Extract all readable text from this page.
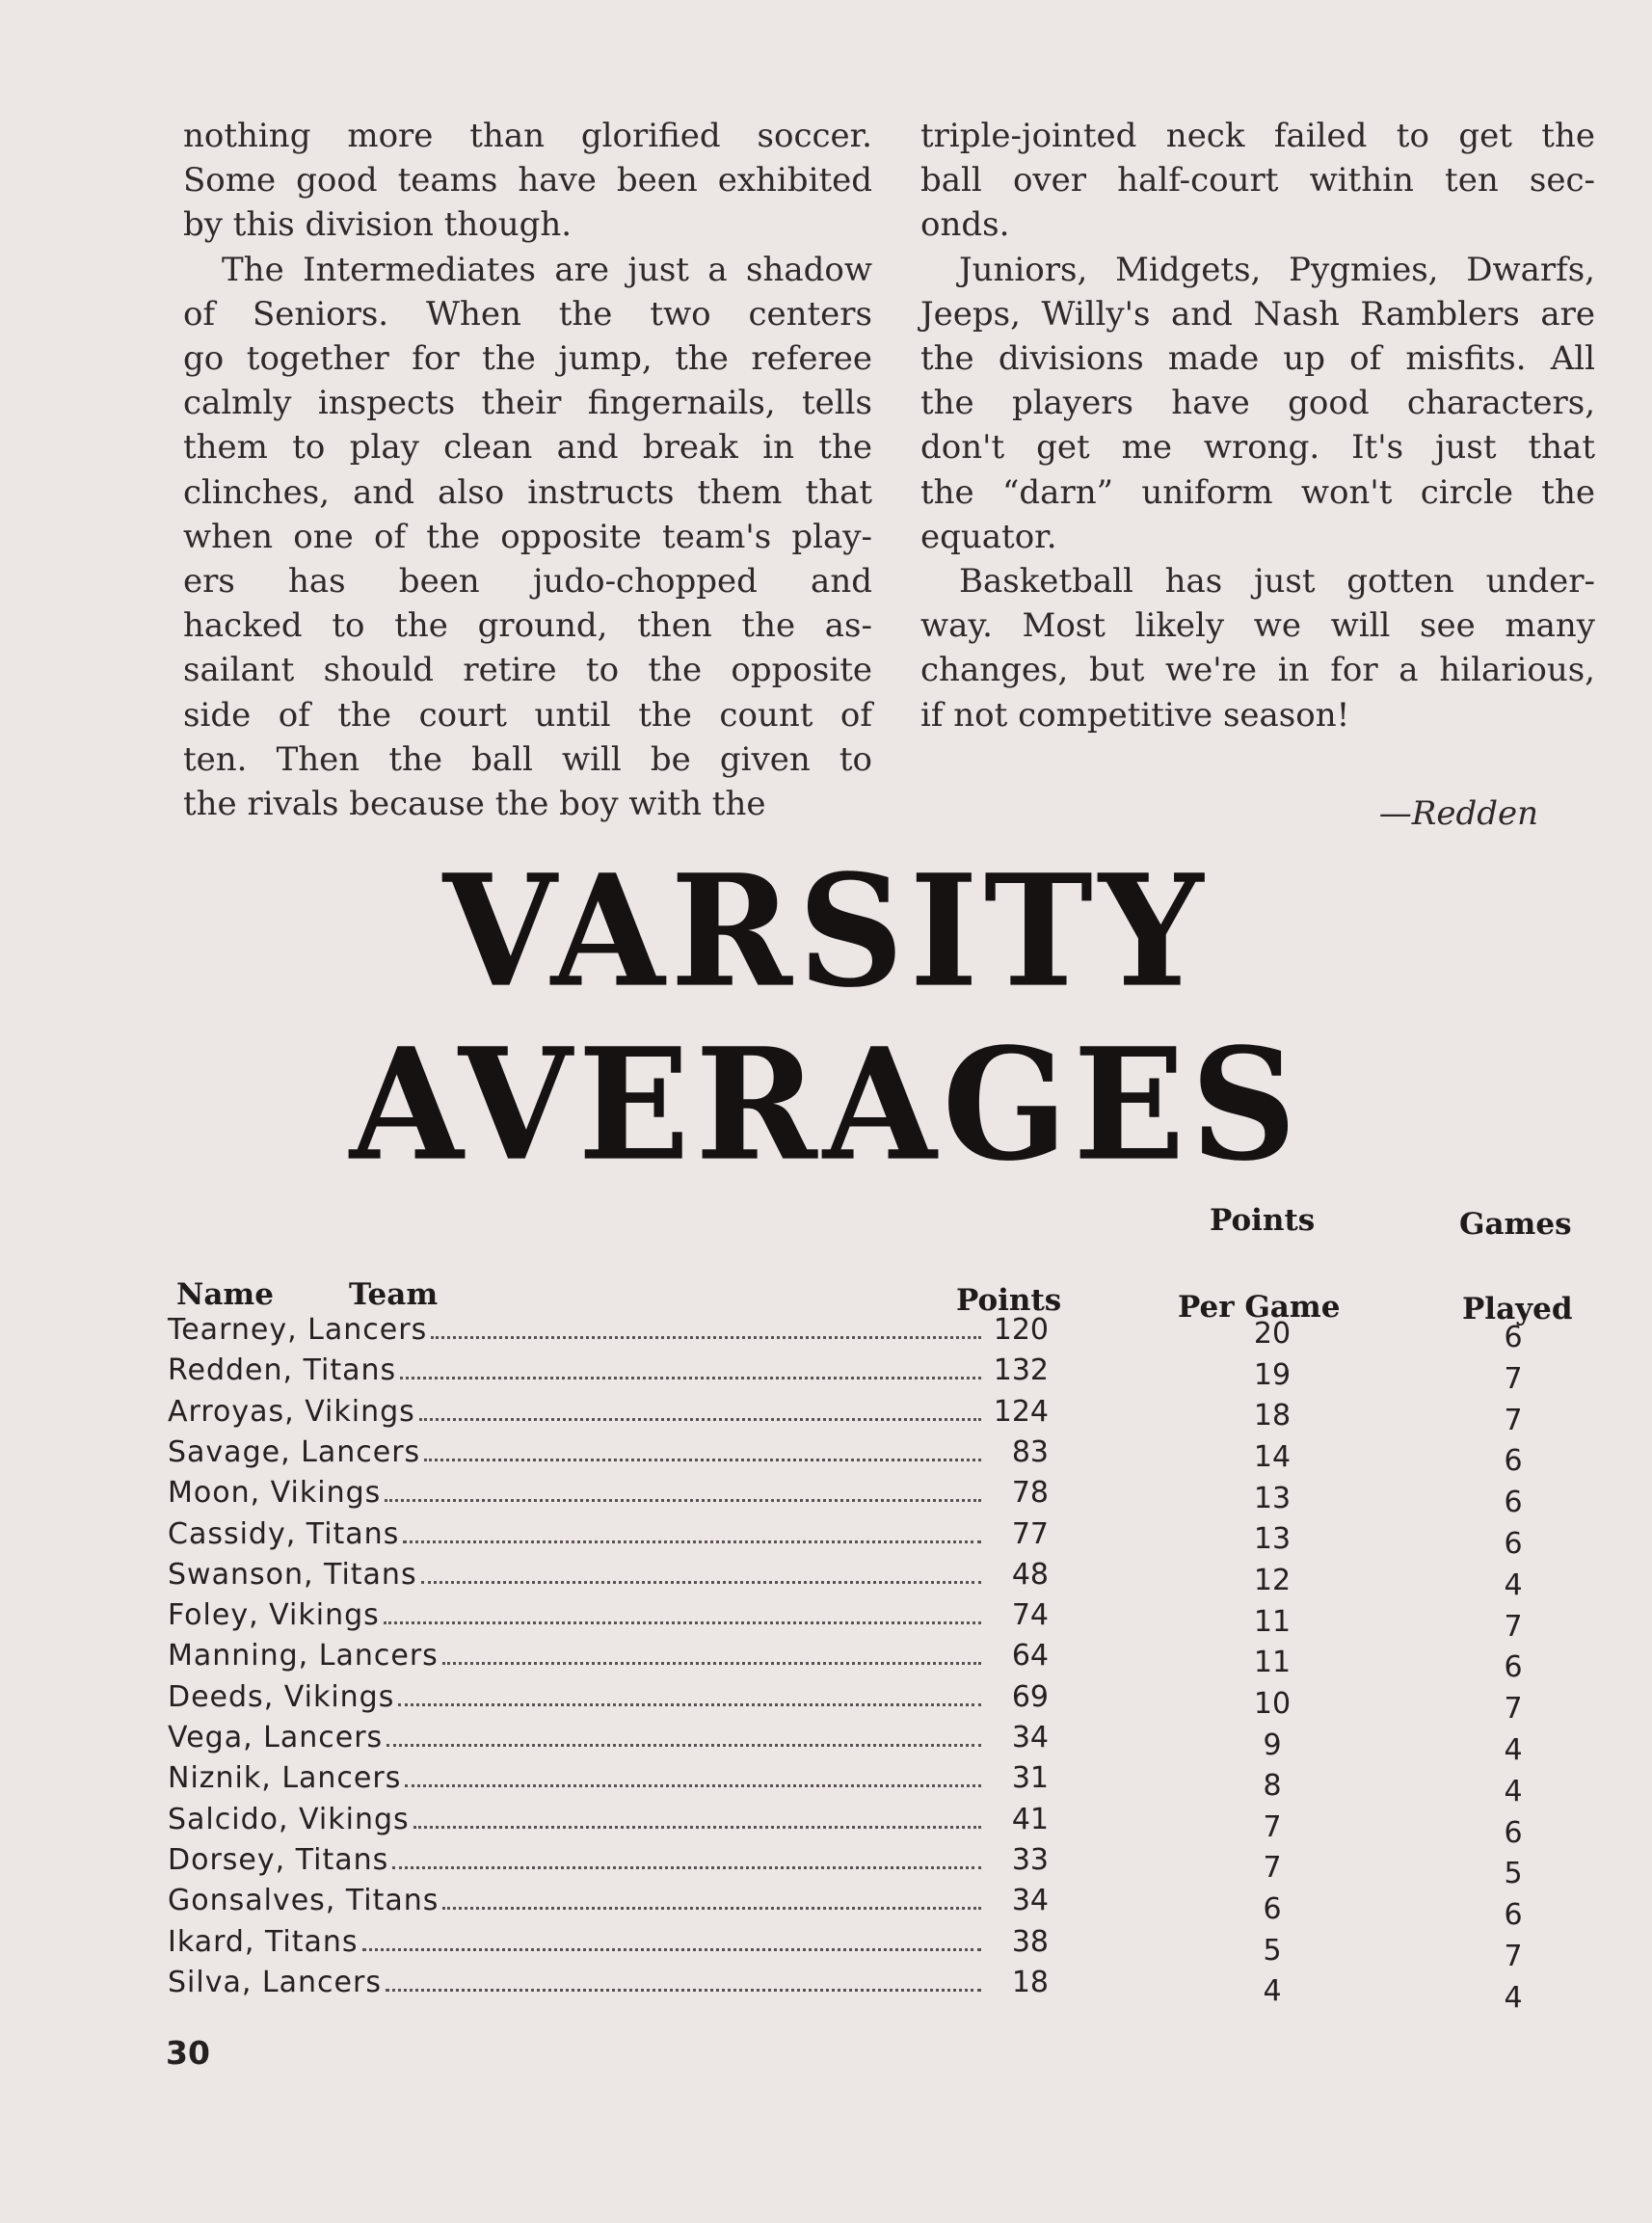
nothing more than glorified soccer.

Some good teams have been exhibited

by this division though.

The Intermediates are just a shadow

of Seniors. When the two centers

go together for the jump, the referee

calmly inspects their fingernails, tells

them to play clean and break in the

clinches, and also instructs them that

when one of the opposite team's play-

ers has been judo-chopped and

hacked to the ground, then the as-

sailant should retire to the opposite

side of the court until the count of

ten. Then the ball will be given to

the rivals because the boy with the

triple-jointed neck failed to get the

ball over half-court within ten sec-

onds.

Juniors, Midgets, Pygmies, Dwarfs,

Jeeps, Willy's and Nash Ramblers are

the divisions made up of misfits. All

the players have good characters,

don't get me wrong. It's just that

the “darn” uniform won't circle the

equator.

Basketball has just gotten under-

way. Most likely we will see many

changes, but we're in for a hilarious,

if not competitive season!

—Redden
VARSITY
AVERAGES
Name	Team	Points
Points
Per Game
Games
Played
Tearney, Lancers	120	20	6
Redden, Titans	132	19	7
Arroyas, Vikings	124	18	7
Savage, Lancers	83	14	6
Moon, Vikings	78	13	6
Cassidy, Titans	77	13	6
Swanson, Titans	48	12	4
Foley, Vikings	74	11	7
Manning, Lancers	64	11	6
Deeds, Vikings	69	10	7
Vega, Lancers	34	9	4
Niznik, Lancers	31	8	4
Salcido, Vikings	41	7	6
Dorsey, Titans	33	7	5
Gonsalves, Titans	34	6	6
Ikard, Titans	38	5	7
Silva, Lancers	18	4	4
30
